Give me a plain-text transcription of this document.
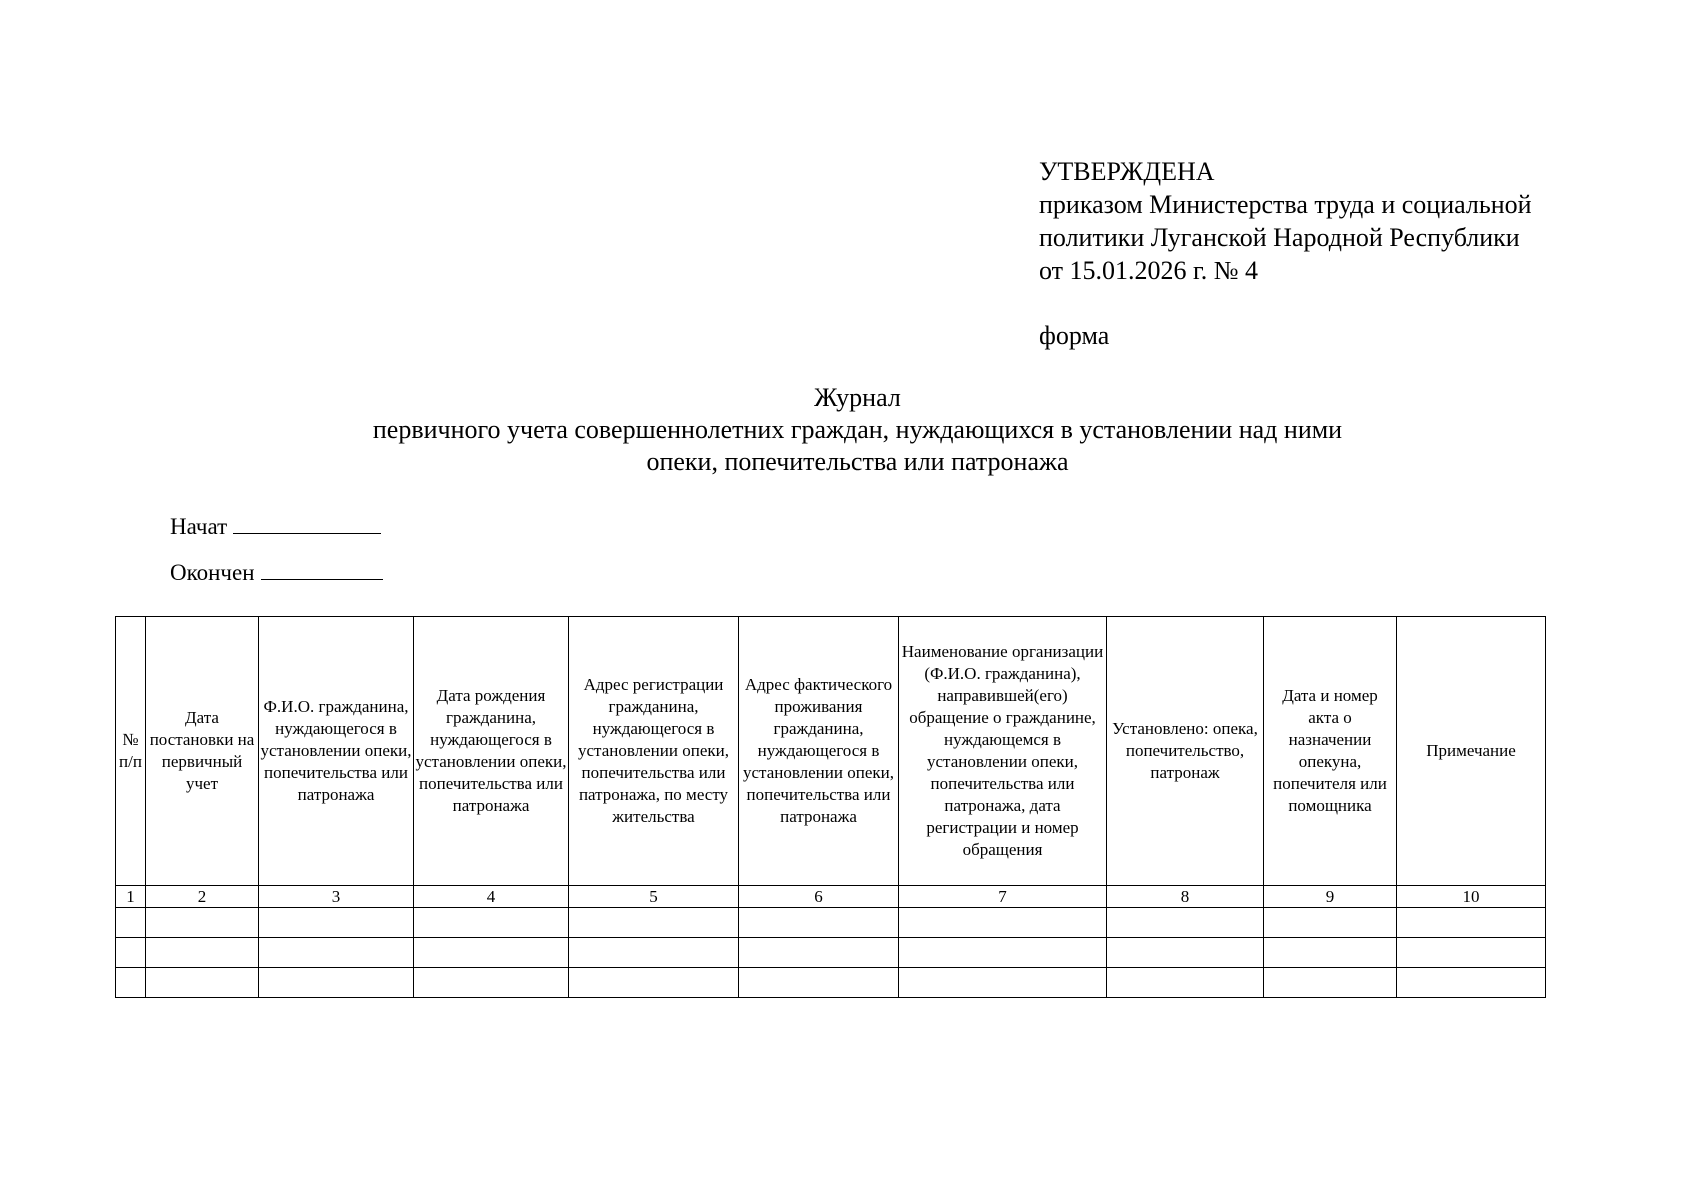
УТВЕРЖДЕНА
приказом Министерства труда и социальной
политики Луганской Народной Республики
от 15.01.2026 г. № 4
форма
Журнал
первичного учета совершеннолетних граждан, нуждающихся в установлении над ними
опеки, попечительства или патронажа
Начат
Окончен
№ п/п	Дата постановки на первичный учет	Ф.И.О. гражданина, нуждающегося в установлении опеки, попечительства или патронажа	Дата рождения гражданина, нуждающегося в установлении опеки, попечительства или патронажа	Адрес регистрации гражданина, нуждающегося в установлении опеки, попечительства или патронажа, по месту жительства	Адрес фактического проживания гражданина, нуждающегося в установлении опеки, попечительства или патронажа	Наименование организации (Ф.И.О. гражданина), направившей(его) обращение о гражданине, нуждающемся в установлении опеки, попечительства или патронажа, дата регистрации и номер обращения	Установлено: опека, попечительство, патронаж	Дата и номер акта о назначении опекуна, попечителя или помощника	Примечание

1	2	3	4	5	6	7	8	9	10
